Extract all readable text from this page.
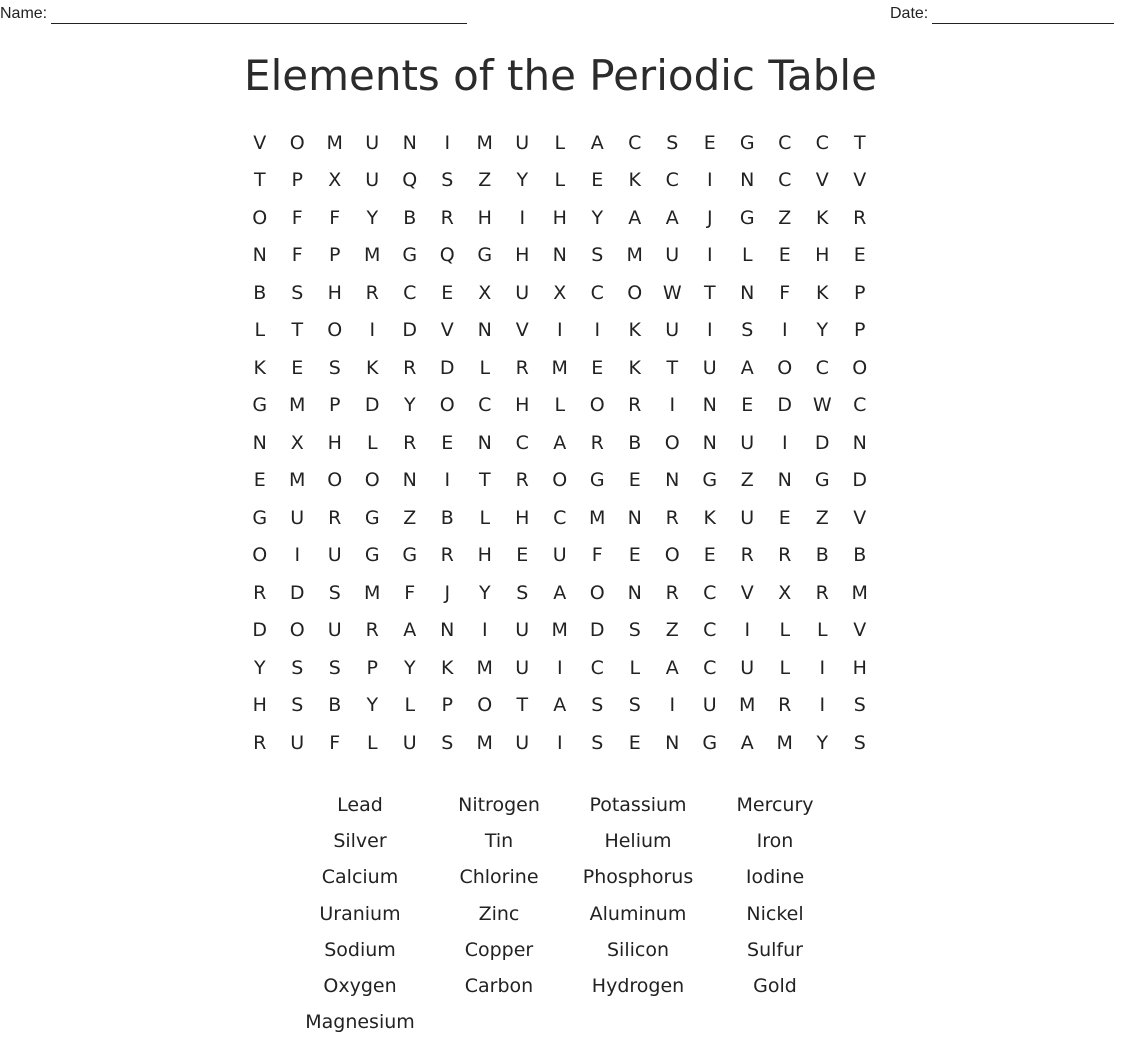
Name:	Date:
Elements of the Periodic Table
V	O	M	U	N	I	M	U	L	A	C	S	E	G	C	C	T
T	P	X	U	Q	S	Z	Y	L	E	K	C	I	N	C	V	V
O	F	F	Y	B	R	H	I	H	Y	A	A	J	G	Z	K	R
N	F	P	M	G	Q	G	H	N	S	M	U	I	L	E	H	E
B	S	H	R	C	E	X	U	X	C	O	W	T	N	F	K	P
L	T	O	I	D	V	N	V	I	I	K	U	I	S	I	Y	P
K	E	S	K	R	D	L	R	M	E	K	T	U	A	O	C	O
G	M	P	D	Y	O	C	H	L	O	R	I	N	E	D	W	C
N	X	H	L	R	E	N	C	A	R	B	O	N	U	I	D	N
E	M	O	O	N	I	T	R	O	G	E	N	G	Z	N	G	D
G	U	R	G	Z	B	L	H	C	M	N	R	K	U	E	Z	V
O	I	U	G	G	R	H	E	U	F	E	O	E	R	R	B	B
R	D	S	M	F	J	Y	S	A	O	N	R	C	V	X	R	M
D	O	U	R	A	N	I	U	M	D	S	Z	C	I	L	L	V
Y	S	S	P	Y	K	M	U	I	C	L	A	C	U	L	I	H
H	S	B	Y	L	P	O	T	A	S	S	I	U	M	R	I	S
R	U	F	L	U	S	M	U	I	S	E	N	G	A	M	Y	S
Lead	Nitrogen	Potassium	Mercury
Silver	Tin	Helium	Iron
Calcium	Chlorine	Phosphorus	Iodine
Uranium	Zinc	Aluminum	Nickel
Sodium	Copper	Silicon	Sulfur
Oxygen	Carbon	Hydrogen	Gold
Magnesium
